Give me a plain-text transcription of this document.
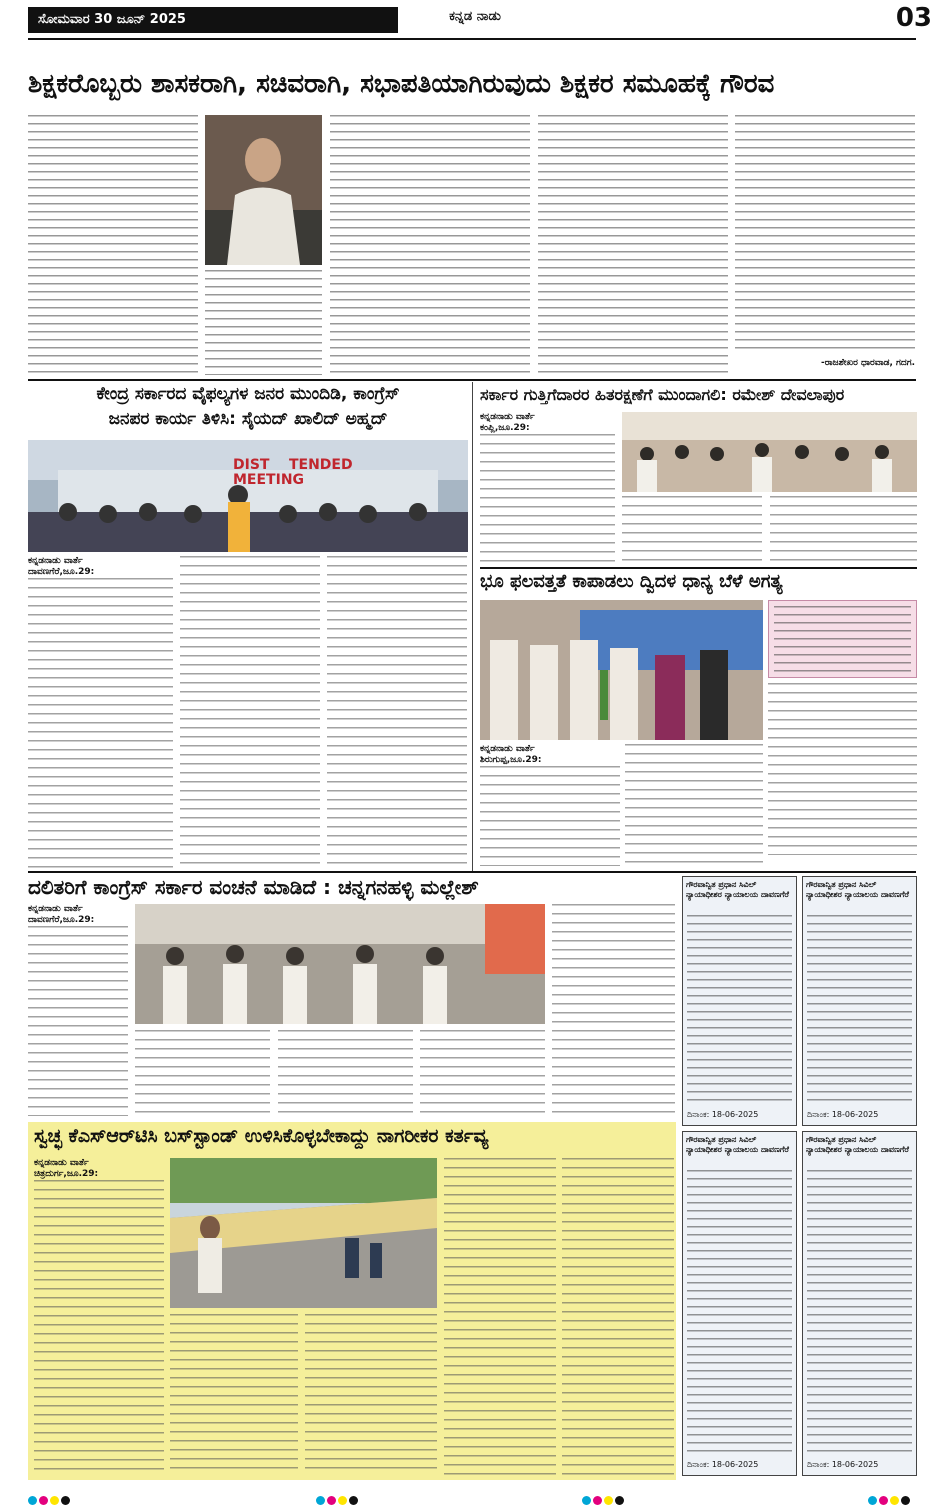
ಸೋಮವಾರ 30 ಜೂನ್ 2025	ಕನ್ನಡ ನಾಡು	03
ಶಿಕ್ಷಕರೊಬ್ಬರು ಶಾಸಕರಾಗಿ, ಸಚಿವರಾಗಿ, ಸಭಾಪತಿಯಾಗಿರುವುದು ಶಿಕ್ಷಕರ ಸಮೂಹಕ್ಕೆ ಗೌರವ
-ರಾಜಶೇಖರ ಧಾರವಾಡ, ಗದಗ.
ಕೇಂದ್ರ ಸರ್ಕಾರದ ವೈಫಲ್ಯಗಳ ಜನರ ಮುಂದಿಡಿ, ಕಾಂಗ್ರೆಸ್
ಜನಪರ ಕಾರ್ಯ ತಿಳಿಸಿ: ಸೈಯದ್ ಖಾಲಿದ್ ಅಹ್ಮದ್
DIST    TENDED
MEETING
ಕನ್ನಡನಾಡು ವಾರ್ತೆ
ದಾವಣಗೆರೆ,ಜೂ.29:
ಸರ್ಕಾರ ಗುತ್ತಿಗೆದಾರರ ಹಿತರಕ್ಷಣೆಗೆ ಮುಂದಾಗಲಿ: ರಮೇಶ್ ದೇವಲಾಪುರ
ಕನ್ನಡನಾಡು ವಾರ್ತೆ
ಕಂಪ್ಲಿ,ಜೂ.29:
ಭೂ ಫಲವತ್ತತೆ ಕಾಪಾಡಲು ದ್ವಿದಳ ಧಾನ್ಯ ಬೆಳೆ ಅಗತ್ಯ
ಕನ್ನಡನಾಡು ವಾರ್ತೆ
ಶಿರುಗುಪ್ಪ,ಜೂ.29:
ದಲಿತರಿಗೆ ಕಾಂಗ್ರೆಸ್ ಸರ್ಕಾರ ವಂಚನೆ ಮಾಡಿದೆ : ಚನ್ನಗನಹಳ್ಳಿ ಮಲ್ಲೇಶ್
ಕನ್ನಡನಾಡು ವಾರ್ತೆ
ದಾವಣಗೆರೆ,ಜೂ.29:
ಗೌರವಾನ್ವಿತ ಪ್ರಧಾನ ಸಿವಿಲ್ ನ್ಯಾಯಾಧೀಶರ ನ್ಯಾಯಾಲಯ ದಾವಣಗೆರೆ
ದಿನಾಂಕ: 18-06-2025
ಗೌರವಾನ್ವಿತ ಪ್ರಧಾನ ಸಿವಿಲ್ ನ್ಯಾಯಾಧೀಶರ ನ್ಯಾಯಾಲಯ ದಾವಣಗೆರೆ
ದಿನಾಂಕ: 18-06-2025
ಗೌರವಾನ್ವಿತ ಪ್ರಧಾನ ಸಿವಿಲ್ ನ್ಯಾಯಾಧೀಶರ ನ್ಯಾಯಾಲಯ ದಾವಣಗೆರೆ
ದಿನಾಂಕ: 18-06-2025
ಗೌರವಾನ್ವಿತ ಪ್ರಧಾನ ಸಿವಿಲ್ ನ್ಯಾಯಾಧೀಶರ ನ್ಯಾಯಾಲಯ ದಾವಣಗೆರೆ
ದಿನಾಂಕ: 18-06-2025
ಸ್ವಚ್ಛ ಕೆಎಸ್‌ಆರ್‌ಟಿಸಿ ಬಸ್‌ಸ್ಟಾಂಡ್ ಉಳಿಸಿಕೊಳ್ಳಬೇಕಾದ್ದು ನಾಗರೀಕರ ಕರ್ತವ್ಯ
ಕನ್ನಡನಾಡು ವಾರ್ತೆ
ಚಿತ್ರದುರ್ಗ,ಜೂ.29:
